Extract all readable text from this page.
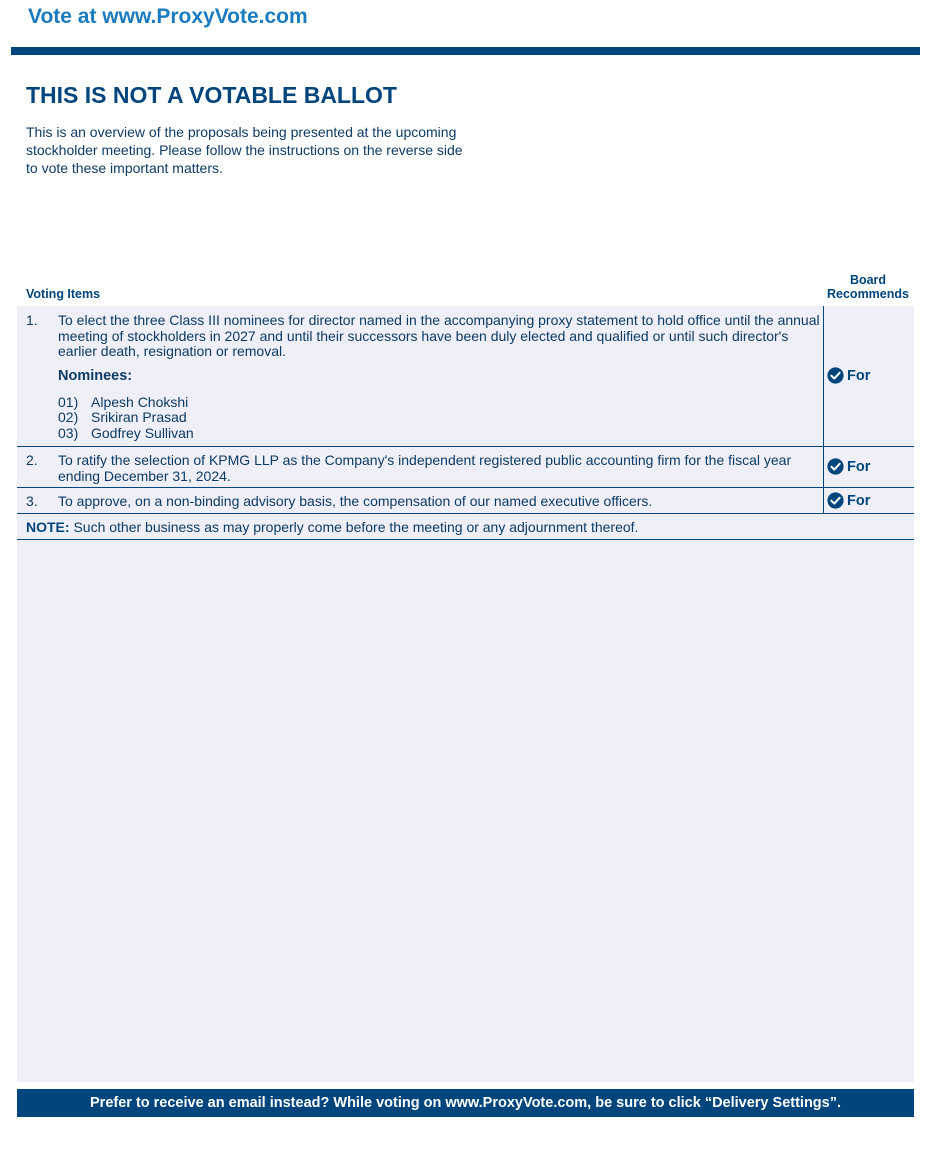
Vote at www.ProxyVote.com
THIS IS NOT A VOTABLE BALLOT
This is an overview of the proposals being presented at the upcoming stockholder meeting. Please follow the instructions on the reverse side to vote these important matters.
Board
Recommends
Voting Items
1. To elect the three Class III nominees for director named in the accompanying proxy statement to hold office until the annual meeting of stockholders in 2027 and until their successors have been duly elected and qualified or until such director's earlier death, resignation or removal.
Nominees:
01) Alpesh Chokshi
02) Srikiran Prasad
03) Godfrey Sullivan
For
2. To ratify the selection of KPMG LLP as the Company's independent registered public accounting firm for the fiscal year ending December 31, 2024.
For
3. To approve, on a non-binding advisory basis, the compensation of our named executive officers.	For
NOTE: Such other business as may properly come before the meeting or any adjournment thereof.
Prefer to receive an email instead? While voting on www.ProxyVote.com, be sure to click “Delivery Settings”.
